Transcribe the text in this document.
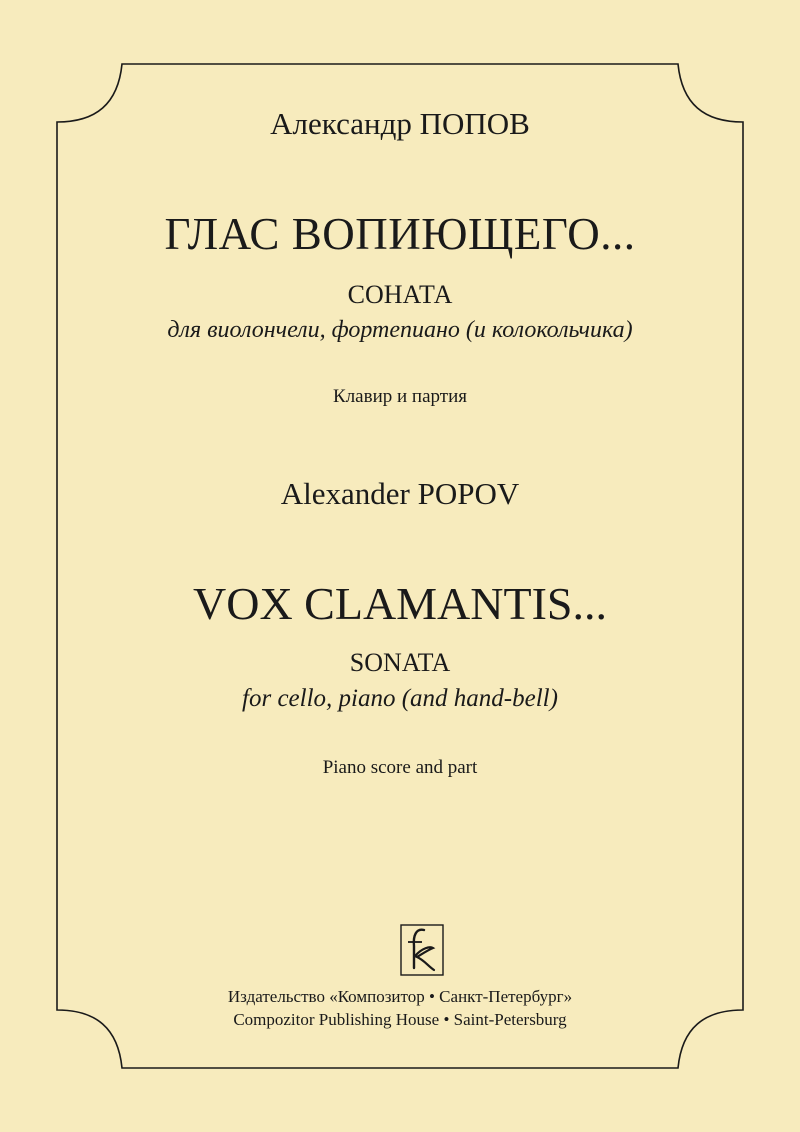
Александр ПОПОВ
ГЛАС ВОПИЮЩЕГО...
СОНАТА
для виолончели, фортепиано (и колокольчика)
Клавир и партия
Alexander POPOV
VOX CLAMANTIS...
SONATA
for cello, piano (and hand-bell)
Piano score and part
Издательство «Композитор • Санкт-Петербург»
Compozitor Publishing House • Saint-Petersburg
